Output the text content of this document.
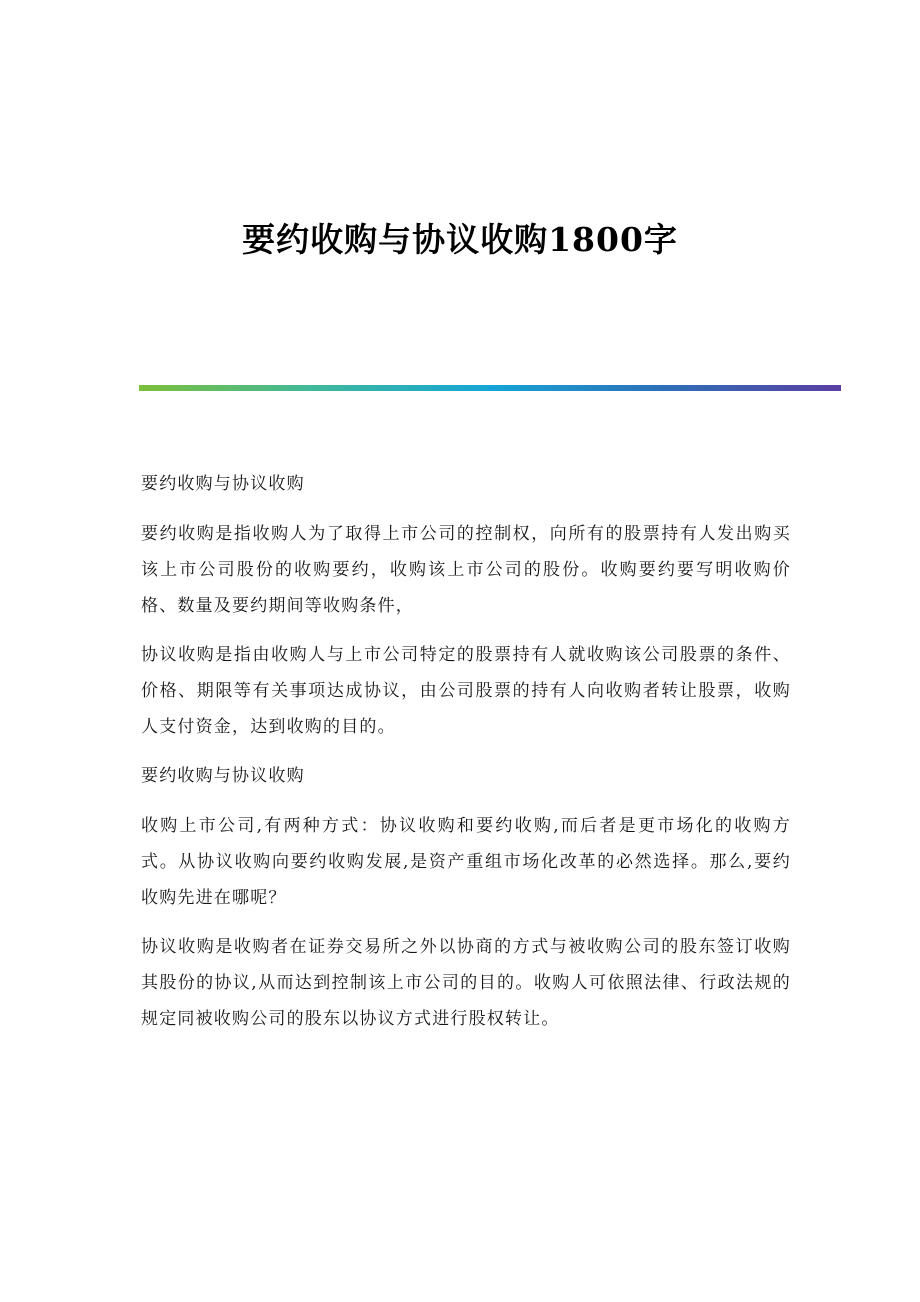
要约收购与协议收购1800字

要约收购与协议收购

要约收购是指收购人为了取得上市公司的控制权，向所有的股票持有人发出购买该上市公司股份的收购要约，收购该上市公司的股份。收购要约要写明收购价格、数量及要约期间等收购条件，

协议收购是指由收购人与上市公司特定的股票持有人就收购该公司股票的条件、价格、期限等有关事项达成协议，由公司股票的持有人向收购者转让股票，收购人支付资金，达到收购的目的。

要约收购与协议收购

收购上市公司,有两种方式：协议收购和要约收购,而后者是更市场化的收购方式。从协议收购向要约收购发展,是资产重组市场化改革的必然选择。那么,要约收购先进在哪呢？

协议收购是收购者在证券交易所之外以协商的方式与被收购公司的股东签订收购其股份的协议,从而达到控制该上市公司的目的。收购人可依照法律、行政法规的规定同被收购公司的股东以协议方式进行股权转让。
